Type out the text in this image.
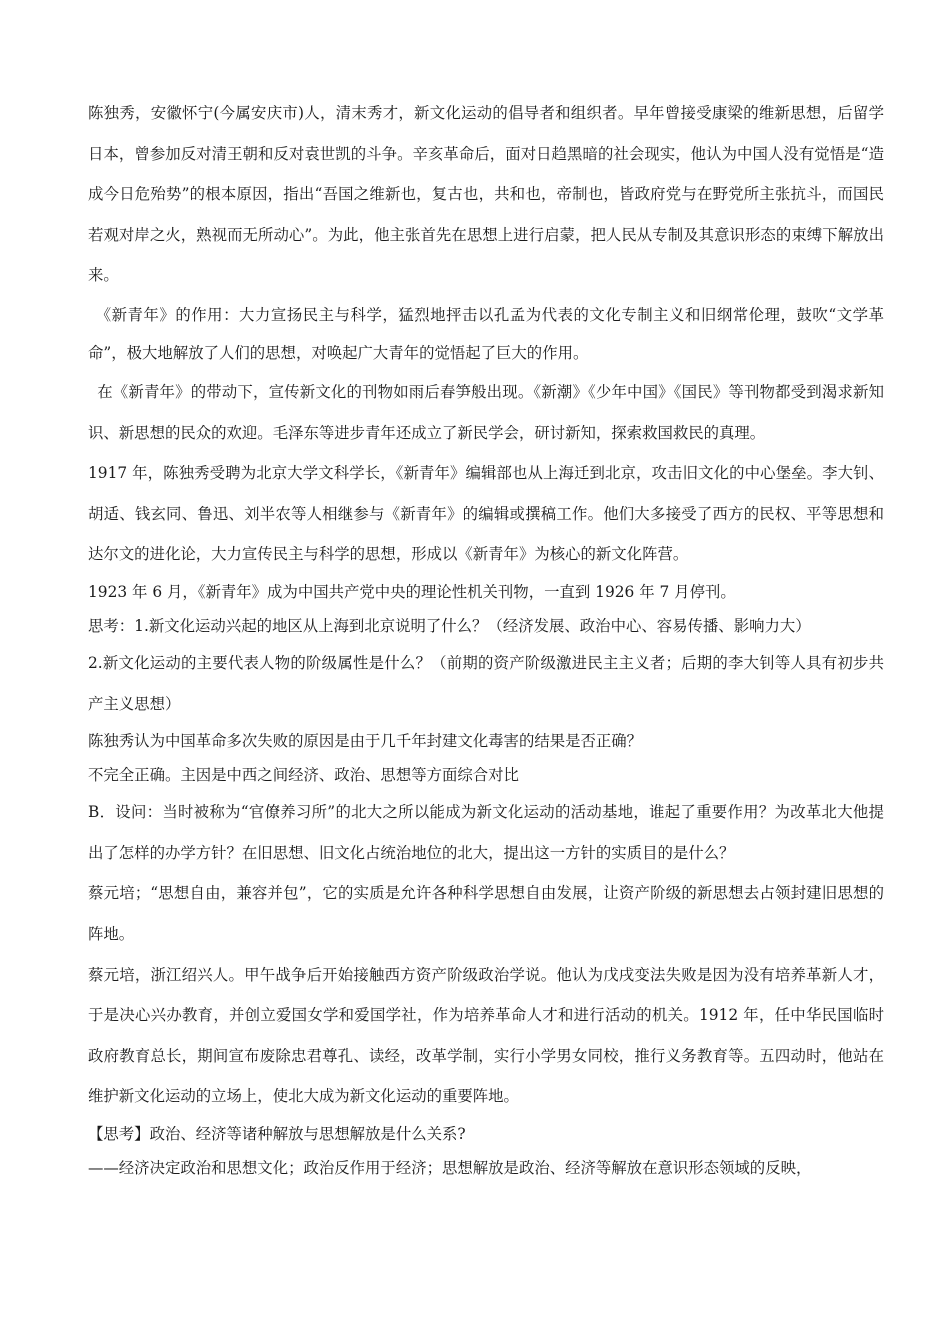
陈独秀，安徽怀宁(今属安庆市)人，清末秀才，新文化运动的倡导者和组织者。早年曾接受康梁的维新思想，后留学日本，曾参加反对清王朝和反对袁世凯的斗争。辛亥革命后，面对日趋黑暗的社会现实，他认为中国人没有觉悟是“造成今日危殆势”的根本原因，指出“吾国之维新也，复古也，共和也，帝制也，皆政府党与在野党所主张抗斗，而国民若观对岸之火，熟视而无所动心”。为此，他主张首先在思想上进行启蒙，把人民从专制及其意识形态的束缚下解放出来。

《新青年》的作用：大力宣扬民主与科学，猛烈地抨击以孔孟为代表的文化专制主义和旧纲常伦理，鼓吹“文学革命”，极大地解放了人们的思想，对唤起广大青年的觉悟起了巨大的作用。

在《新青年》的带动下，宣传新文化的刊物如雨后春笋般出现。《新潮》《少年中国》《国民》等刊物都受到渴求新知识、新思想的民众的欢迎。毛泽东等进步青年还成立了新民学会，研讨新知，探索救国救民的真理。

1917 年，陈独秀受聘为北京大学文科学长，《新青年》编辑部也从上海迁到北京，攻击旧文化的中心堡垒。李大钊、胡适、钱玄同、鲁迅、刘半农等人相继参与《新青年》的编辑或撰稿工作。他们大多接受了西方的民权、平等思想和达尔文的进化论，大力宣传民主与科学的思想，形成以《新青年》为核心的新文化阵营。

1923 年 6 月，《新青年》成为中国共产党中央的理论性机关刊物，一直到 1926 年 7 月停刊。

思考：1.新文化运动兴起的地区从上海到北京说明了什么？（经济发展、政治中心、容易传播、影响力大）

2.新文化运动的主要代表人物的阶级属性是什么？（前期的资产阶级激进民主主义者；后期的李大钊等人具有初步共产主义思想）

陈独秀认为中国革命多次失败的原因是由于几千年封建文化毒害的结果是否正确？

不完全正确。主因是中西之间经济、政治、思想等方面综合对比

B．设问：当时被称为“官僚养习所”的北大之所以能成为新文化运动的活动基地，谁起了重要作用？为改革北大他提出了怎样的办学方针？在旧思想、旧文化占统治地位的北大，提出这一方针的实质目的是什么？

蔡元培；“思想自由，兼容并包”，它的实质是允许各种科学思想自由发展，让资产阶级的新思想去占领封建旧思想的阵地。

蔡元培，浙江绍兴人。甲午战争后开始接触西方资产阶级政治学说。他认为戊戌变法失败是因为没有培养革新人才，于是决心兴办教育，并创立爱国女学和爱国学社，作为培养革命人才和进行活动的机关。1912 年，任中华民国临时政府教育总长，期间宣布废除忠君尊孔、读经，改革学制，实行小学男女同校，推行义务教育等。五四动时，他站在维护新文化运动的立场上，使北大成为新文化运动的重要阵地。

【思考】政治、经济等诸种解放与思想解放是什么关系?

——经济决定政治和思想文化；政治反作用于经济；思想解放是政治、经济等解放在意识形态领域的反映，
